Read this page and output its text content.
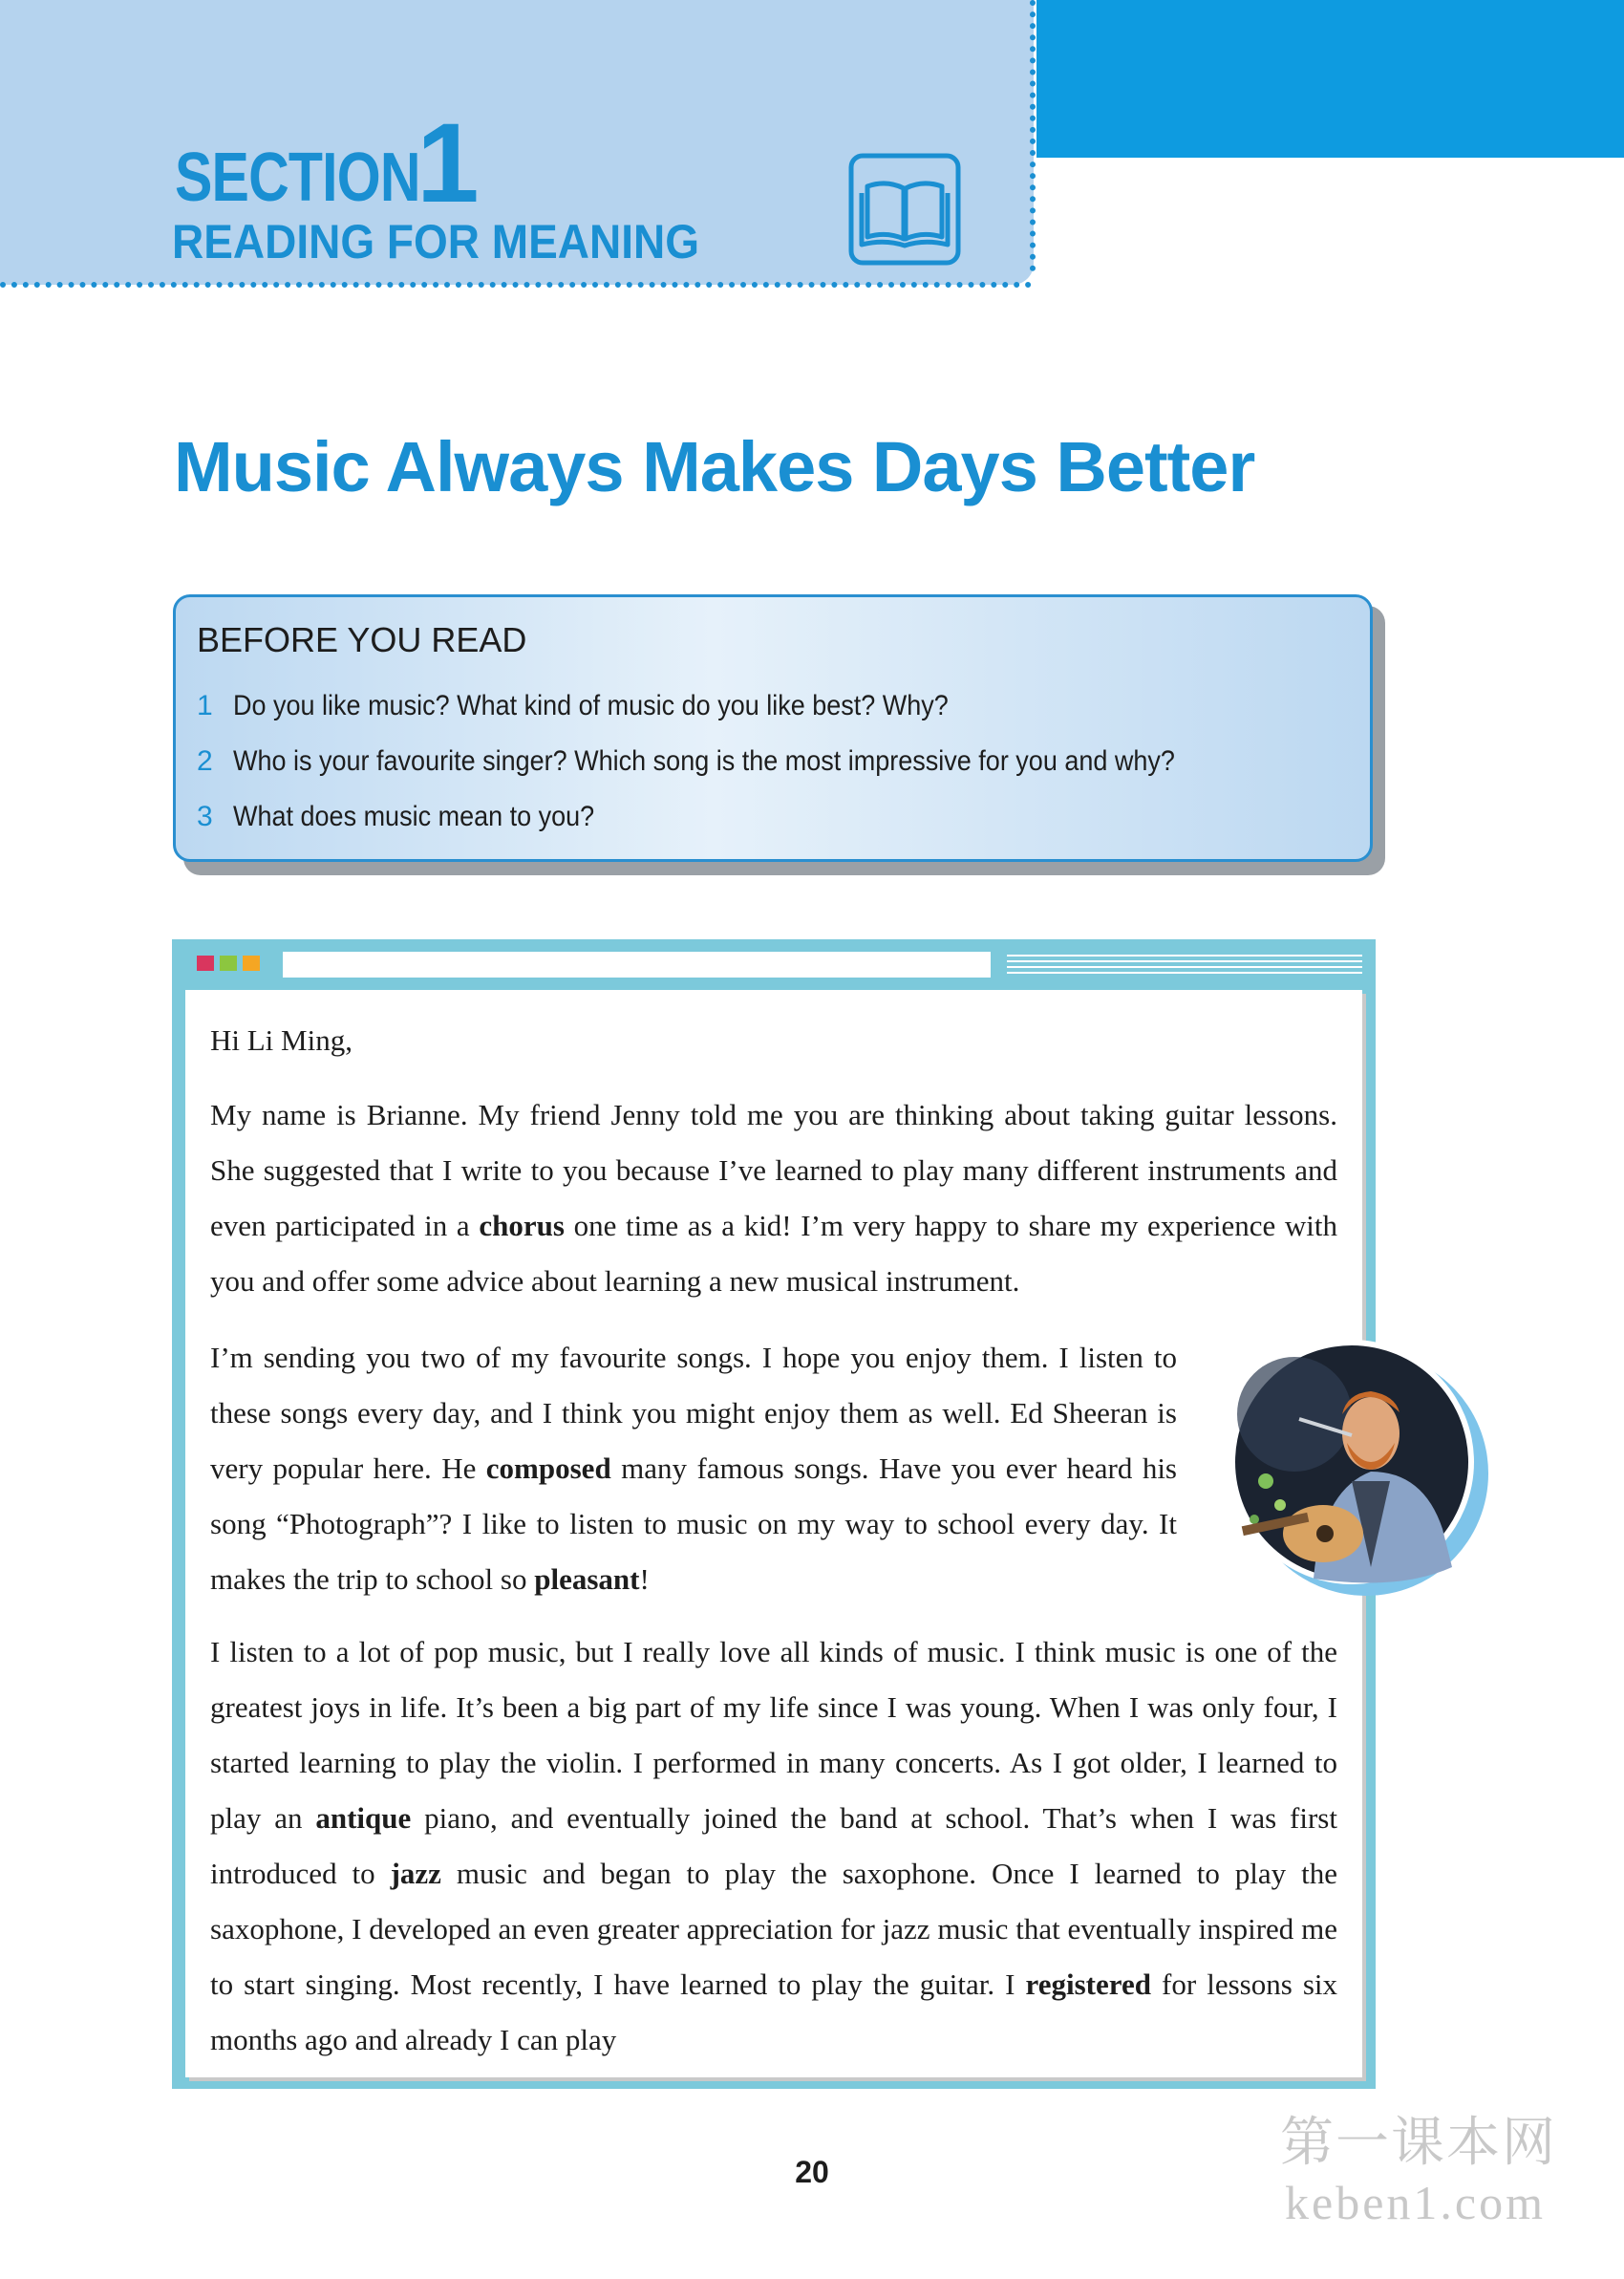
SECTION
1
READING FOR MEANING
Music Always Makes Days Better
BEFORE YOU READ
1 Do you like music? What kind of music do you like best? Why?
2 Who is your favourite singer? Which song is the most impressive for you and why?
3 What does music mean to you?
Hi Li Ming,
My name is Brianne. My friend Jenny told me you are thinking about taking guitar lessons. She suggested that I write to you because I’ve learned to play many different instruments and even participated in a chorus one time as a kid! I’m very happy to share my experience with you and offer some advice about learning a new musical instrument.
I’m sending you two of my favourite songs. I hope you enjoy them. I listen to these songs every day, and I think you might enjoy them as well. Ed Sheeran is very popular here. He composed many famous songs. Have you ever heard his song “Photograph”? I like to listen to music on my way to school every day. It makes the trip to school so pleasant!
I listen to a lot of pop music, but I really love all kinds of music. I think music is one of the greatest joys in life. It’s been a big part of my life since I was young. When I was only four, I started learning to play the violin. I performed in many concerts. As I got older, I learned to play an antique piano, and eventually joined the band at school. That’s when I was first introduced to jazz music and began to play the saxophone. Once I learned to play the saxophone, I developed an even greater appreciation for jazz music that eventually inspired me to start singing. Most recently, I have learned to play the guitar. I registered for lessons six months ago and already I can play
20	第一课本网
keben1.com
